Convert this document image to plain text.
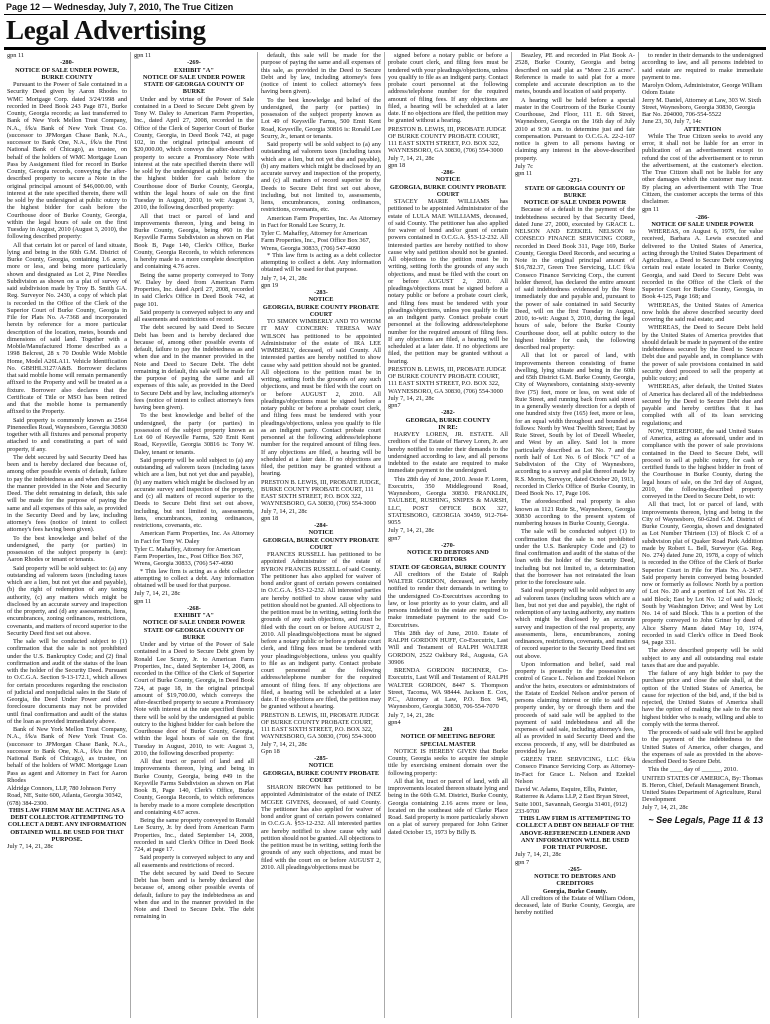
Page 12 — Wednesday, July 7, 2010, The True Citizen
Legal Advertising

gpn 11

-280-

NOTICE OF SALE UNDER POWER, BURKE COUNTY

Pursuant to the Power of Sale contained in a Security Deed given by Aaron Rhodes to WMC Mortgage Corp. dated 3/24/1998 and recorded in Deed Book 243 Page 871, Burke County, Georgia records; as last transferred to Bank of New York Mellon Trust Company, N.A., f/k/a Bank of New York Trust Co. (successor to JPMorgan Chase Bank, N.A., successor to Bank One, N.A., f/k/a the First National Bank of Chicago), as trustee, on behalf of the holders of WMC Mortgage Loan Pass by Assignment filed for record in Burke County, Georgia records, conveying the after-described property to secure a Note in the original principal amount of $46,000.00, with interest at the rate specified therein, there will be sold by the undersigned at public outcry to the highest bidder for cash before the Courthouse door of Burke County, Georgia, within the legal hours of sale on the first Tuesday in August, 2010 (August 3, 2010), the following described property:

All that certain lot or parcel of land situate, lying and being in the 60th G.M. District of Burke County, Georgia, containing 1.6 acres, more or less, and being more particularly shown and designated as Lot 2, Pine Needles Subdivision as shown on a plat of survey of said subdivision made by Troy B. Smith GA. Reg. Surveyor No. 2430, a copy of which plat is recorded in the Office of the Clerk of the Superior Court of Burke County, Georgia in File for Plats No. A-7368 and incorporated herein by reference for a more particular description of the location, metes, bounds and dimensions of said land. Together with a Mobile/Manufactured Home described as a 1998 Belcrest, 28 x 70 Double Wide Mobile Home, Model A26LA11. Vehicle Identification No. GBHHL3127/A&B. Borrower declares that said mobile home will remain permanently affixed to the Property and will be treated as a fixture. Borrower also declares that the Certificate of Title or MSO has been retired and that the mobile home is permanently affixed to the Property.

Said property is commonly known as 2564 Pineneedles Road, Waynesboro, Georgia 30830 together with all fixtures and personal property attached to and constituting a part of said property, if any.

The debt secured by said Security Deed has been and is hereby declared due because of, among other possible events of default, failure to pay the indebtedness as and when due and in the manner provided in the Note and Security Deed. The debt remaining in default, this sale will be made for the purpose of paying the same and all expenses of this sale, as provided in the Security Deed and by law, including attorney's fees (notice of intent to collect attorney's fees having been given).

To the best knowledge and belief of the undersigned, the party (or parties) in possession of the subject property is (are): Aaron Rhodes or tenant or tenants.

Said property will be sold subject to: (a) any outstanding ad valorem taxes (including taxes which are a lien, but not yet due and payable), (b) the right of redemption of any taxing authority, (c) any matters which might be disclosed by an accurate survey and inspection of the property, and (d) any assessments, liens, encumbrances, zoning ordinances, restrictions, covenants, and matters of record superior to the Security Deed first set out above.

The sale will be conducted subject to (1) confirmation that the sale is not prohibited under the U.S. Bankruptcy Code; and (2) final confirmation and audit of the status of the loan with the holder of the Security Deed. Pursuant to O.C.G.A. Section 9-13-172.1, which allows for certain procedures regarding the rescission of judicial and nonjudicial sales in the State of Georgia, the Deed Under Power and other foreclosure documents may not be provided until final confirmation and audit of the status of the loan as provided immediately above.

Bank of New York Mellon Trust Company, N.A., f/k/a Bank of New York Trust Co. (successor to JPMorgan Chase Bank, N.A., successor to Bank One, N.A., f/k/a the First National Bank of Chicago), as trustee, on behalf of the holders of WMC Mortgage Loan Pass as agent and Attorney in Fact for Aaron Rhodes

Aldridge Connors, LLP, 780 Johnson Ferry Road, NE, Suite 600, Atlanta, Georgia 30342, (678) 384-2300.

THIS LAW FIRM MAY BE ACTING AS A DEBT COLLECTOR ATTEMPTING TO COLLECT A DEBT. ANY INFORMATION OBTAINED WILL BE USED FOR THAT PURPOSE.

July 7, 14, 21, 28c

gpn 11

-269-

EXHIBIT "A"

NOTICE OF SALE UNDER POWER

STATE OF GEORGIA COUNTY OF BURKE

Under and by virtue of the Power of Sale contained in a Deed to Secure Debt given by Tony W. Daley to American Farm Properties, Inc., dated April 27, 2008, recorded in the Office of the Clerk of Superior Court of Burke County, Georgia, in Deed Book 742, at page 102, in the original principal amount of $20,000.00, which conveys the after-described property to secure a Promissory Note with interest at the rate specified therein there will be sold by the undersigned at public outcry to the highest bidder for cash before the Courthouse door of Burke County, Georgia, within the legal hours of sale on the first Tuesday in August, 2010, to wit: August 3, 2010, the following described property:

All that tract or parcel of land and improvements thereon, lying and being in Burke County, Georgia, being #60 in the Keysville Farms Subdivision as shown on Plat Book B, Page 140, Clerk's Office, Burke County, Georgia Records, to which references is hereby made to a more complete description and containing 4.76 acres.

Being the same property conveyed to Tony W. Daley by deed from American Farm Properties, Inc. dated April 27, 2008, recorded in said Clerk's Office in Deed Book 742, at page 101.

Said property is conveyed subject to any and all easements and restrictions of record.

The debt secured by said Deed to Secure Debt has been and is hereby declared due because of, among other possible events of default, failure to pay the indebtedness as and when due and in the manner provided in the Note and Deed to Secure Debt. The debt remaining in default, this sale will be made for the purpose of paying the same and all expenses of this sale, as provided in the Deed to Secure Debt and by law, including attorney's fees (notice of intent to collect attorney's fees having been given).

To the best knowledge and belief of the undersigned, the party (or parties) in possession of the subject property known as Lot 60 of Keysville Farms, 520 Emit Kent Road, Keysville, Georgia 30816 is: Tony W. Daley, tenant or tenants.

Said property will be sold subject to (a) any outstanding ad valorem taxes (including taxes which are a lien, but not yet due and payable), (b) any matters which might be disclosed by an accurate survey and inspection of the property, and (c) all matters of record superior to the Deeds to Secure Debt first set out above, including, but not limited to, assessments, liens, encumbrances, zoning ordinances, restrictions, covenants, etc.

American Farm Properties, Inc. As Attorney in Fact for Tony W. Daley

Tyler C. Mahaffey, Attorney for American Farm Properties, Inc., Post Office Box 367, Wrens, Georgia 30833, (706) 547-4090

* This law firm is acting as a debt collector attempting to collect a debt. Any information obtained will be used for that purpose.

July 7, 14, 21, 28c

gpn 11

-268-

EXHIBIT "A"

NOTICE OF SALE UNDER POWER

STATE OF GEORGIA COUNTY OF BURKE

Under and by virtue of the Power of Sale contained in a Deed to Secure Debt given by Ronald Lee Scurry, Jr. to American Farm Properties, Inc., dated September 14, 2008, as recorded in the Office of the Clerk of Superior Court of Burke County, Georgia, in Deed Book 724, at page 18, in the original principal amount of $19,700.00, which conveys the after-described property to secure a Promissory Note with interest at the rate specified therein there will be sold by the undersigned at public outcry to the highest bidder for cash before the Courthouse door of Burke County, Georgia, within the legal hours of sale on the first Tuesday in August, 2010, to wit: August 3, 2010, the following described property:

All that tract or parcel of land and all improvements thereon, lying and being in Burke County, Georgia, being #49 in the Keysville Farms Subdivision as shown on Plat Book B, Page 140, Clerk's Office, Burke County, Georgia Records, to which references is hereby made to a more complete description and containing 4.67 acres.

Being the same property conveyed to Ronald Lee Scurry, Jr. by deed from American Farm Properties, Inc., dated September 14, 2008, recorded in said Clerk's Office in Deed Book 724, at page 17.

Said property is conveyed subject to any and all easements and restrictions of record.

The debt secured by said Deed to Secure Debt has been and is hereby declared due because of, among other possible events of default, failure to pay the indebtedness as and when due and in the manner provided in the Note and Deed to Secure Debt. The debt remaining in

default, this sale will be made for the purpose of paying the same and all expenses of this sale, as provided in the Deed to Secure Debt and by law, including attorney's fees (notice of intent to collect attorney's fees having been given).

To the best knowledge and belief of the undersigned, the party (or parties) in possession of the subject property known as Lot 49 of Keysville Farms, 500 Emit Kent Road, Keysville, Georgia 30816 is: Ronald Lee Scurry, Jr., tenant or tenants.

Said property will be sold subject to (a) any outstanding ad valorem taxes (including taxes which are a lien, but not yet due and payable), (b) any matters which might be disclosed by an accurate survey and inspection of the property, and (c) all matters of record superior to the Deeds to Secure Debt first set out above, including, but not limited to, assessments, liens, encumbrances, zoning ordinances, restrictions, covenants, etc.

American Farm Properties, Inc. As Attorney in Fact for Ronald Lee Scurry, Jr.

Tyler C. Mahaffey, Attorney for American Farm Properties, Inc., Post Office Box 367, Wrens, Georgia 30833, (706) 547-4090

* This law firm is acting as a debt collector attempting to collect a debt. Any information obtained will be used for that purpose.

July 7, 14, 21, 28c

gpn 19

-283-

NOTICE

GEORGIA, BURKE COUNTY PROBATE COURT

TO SIMON WIMBERLY AND TO WHOM IT MAY CONCERN: TERESA WAY WILSON has petitioned to be appointed Administrator of the estate of IRA LEE WIMBERLY, deceased, of said County. All interested parties are hereby notified to show cause why said petition should not be granted. All objections to the petition must be in writing, setting forth the grounds of any such objections, and must be filed with the court on or before AUGUST 2, 2010. All pleadings/objections must be signed before a notary public or before a probate court clerk, and filing fees must be tendered with your pleadings/objections, unless you qualify to file as an indigent party. Contact probate court personnel at the following address/telephone number for the required amount of filing fees. If any objections are filed, a hearing will be scheduled at a later date. If no objections are filed, the petition may be granted without a hearing.

PRESTON B. LEWIS, III, PROBATE JUDGE, BURKE COUNTY PROBATE COURT, 111 EAST SIXTH STREET, P.O. BOX 322, WAYNESBORO, GA 30830, (706) 554-3000

July 7, 14, 21, 28c

gpn 18

-284-

NOTICE

GEORGIA, BURKE COUNTY PROBATE COURT

FRANCES RUSSELL has petitioned to be appointed Administrator of the estate of BYRON FRANCIS RUSSELL of said County. The petitioner has also applied for waiver of bond and/or grant of certain powers contained in O.C.G.A. §53-12-232. All interested parties are hereby notified to show cause why said petition should not be granted. All objections to the petition must be in writing, setting forth the grounds of any such objections, and must be filed with the court on or before AUGUST 2, 2010. All pleadings/objections must be signed before a notary public or before a probate court clerk, and filing fees must be tendered with your pleadings/objections, unless you qualify to file as an indigent party. Contact probate court personnel at the following address/telephone number for the required amount of filing fees. If any objections are filed, a hearing will be scheduled at a later date. If no objections are filed, the petition may be granted without a hearing.

PRESTON B. LEWIS, III, PROBATE JUDGE OF BURKE COUNTY PROBATE COURT, 111 EAST SIXTH STREET, P.O. BOX 322, WAYNESBORO, GA 30830, (706) 554-3000

July 7, 14, 21, 28c

Gpn 18

-285-

NOTICE

GEORGIA, BURKE COUNTY PROBATE COURT

SHARON BROWN has petitioned to be appointed Administrator of the estate of INEZ MCGEE GIVENS, deceased, of said County. The petitioner has also applied for waiver of bond and/or grant of certain powers contained in O.C.G.A. §53-12-232. All interested parties are hereby notified to show cause why said petition should not be granted. All objections to the petition must be in writing, setting forth the grounds of any such objections, and must be filed with the court on or before AUGUST 2, 2010. All pleadings/objections must be

signed before a notary public or before a probate court clerk, and filing fees must be tendered with your pleadings/objections, unless you qualify to file as an indigent party. Contact probate court personnel at the following address/telephone number for the required amount of filing fees. If any objections are filed, a hearing will be scheduled at a later date. If no objections are filed, the petition may be granted without a hearing.

PRESTON B. LEWIS, III, PROBATE JUDGE OF BURKE COUNTY PROBATE COURT, 111 EAST SIXTH STREET, P.O. BOX 322, WAYNESBORO, GA 30830, (706) 554-3000

July 7, 14, 21, 28c

gpn 18

-286-

NOTICE

GEORGIA, BURKE COUNTY PROBATE COURT

STACEY MARIE WILLIAMS has petitioned to be appointed Administrator of the estate of LULA MAE WILLIAMS, deceased, of said County. The petitioner has also applied for waiver of bond and/or grant of certain powers contained in O.C.G.A. §53-12-232. All interested parties are hereby notified to show cause why said petition should not be granted. All objections to the petition must be in writing, setting forth the grounds of any such objections, and must be filed with the court on or before AUGUST 2, 2010. All pleadings/objections must be signed before a notary public or before a probate court clerk, and filing fees must be tendered with your pleadings/objections, unless you qualify to file as an indigent party. Contact probate court personnel at the following address/telephone number for the required amount of filing fees. If any objections are filed, a hearing will be scheduled at a later date. If no objections are filed, the petition may be granted without a hearing.

PRESTON B. LEWIS, III, PROBATE JUDGE OF BURKE COUNTY PROBATE COURT, 111 EAST SIXTH STREET, P.O. BOX 322, WAYNESBORO, GA 30830, (706) 554-3000

July 7, 14, 21, 28c

gpn7

-282-

GEORGIA, BURKE COUNTY

IN RE:

HARVEY LOREN, JR. ESTATE. All creditors of the Estate of Harvey Loren, Jr. are hereby notified to render their demands to the undersigned according to law, and all persons indebted to the estate are required to make immediate payment to the undersigned.

This 28th day of June, 2010. Jessie F. Loren, Executrix, 350 Middleground Road, Waynesboro, Georgia 30830. FRANKLIN, TAULBEE, RUSHING, SNIPES & MARSH, LLC, POST OFFICE BOX 327, STATESBORO, GEORGIA 30459, 912-764-9055

July 7, 14, 21, 28c

gpn7

-270-

NOTICE TO DEBTORS AND CREDITORS

STATE OF GEORGIA, BURKE COUNTY

All creditors of the Estate of Ralph WALTER GORDON, deceased, are hereby notified to render their demands in writing to the undersigned Co-Executrixes according to law, or lose priority as to your claim, and all persons indebted to the estate are required to make immediate payment to the said Co-Executrixes.

This 28th day of June, 2010. Estate of RALPH GORDON HUFF, Co-Executrix, Last Will and Testament of RALPH WALTER GORDON, 2522 Oakbury Rd., Augusta, GA 30906

BRENDA GORDON RICHNER, Co-Executrix, Last Will and Testament of RALPH WALTER GORDON, 8447 S. Thompson Street, Tacoma, WA 98444. Jackson E. Cox, P.C., Attorney at Law, P.O. Box 945, Waynesboro, Georgia 30830, 706-554-7070

July 7, 14, 21, 28c

gpn4

281

NOTICE OF MEETING BEFORE SPECIAL MASTER

NOTICE IS HEREBY GIVEN that Burke County, Georgia seeks to acquire fee simple title by exercising eminent domain over the following property:

All that lot, tract or parcel of land, with all improvements located thereon situate lying and being in the 60th G.M. District, Burke County, Georgia containing 2.16 acres more or less, located on the southeast side of Clarke Place Road. Said property is more particularly shown on a plat of survey prepared for John Griner dated October 15, 1973 by Billy B.

Beazley, PE and recorded in Plat Book A-2528, Burke County, Georgia and being described on said plat as "More 2.16 acres". Reference is made to said plat for a more complete and accurate description as to the metes, bounds and location of said property.

A hearing will be held before a special master in the Courtroom of the Burke County Courthouse, 2nd Floor, 111 E. 6th Street, Waynesboro, Georgia on the 16th day of July 2010 at 9:30 a.m. to determine just and fair compensation. Pursuant to O.C.G.A. 22-2-107 notice is given to all persons having or claiming any interest in the above-described property.

July 7c

gpn 11

-271-

STATE OF GEORGIA COUNTY OF BURKE

NOTICE OF SALE UNDER POWER

Because of a default in the payment of the indebtedness secured by that Security Deed, dated June 27, 2000, executed by GRACE L. NELSON AND EZEKIEL NELSON to CONSECO FINANCE SERVICING CORP., recorded in Deed Book 311, Page 169, Burke County, Georgia Deed Records, and securing a Note in the original principal amount of $16,782.37, Green Tree Servicing, LLC f/k/a Conseco Finance Servicing Corp., the current holder thereof, has declared the entire amount of said indebtedness evidenced by the Note immediately due and payable and, pursuant to the power of sale contained in said Security Deed, will on the first Tuesday in August, 2010, to-wit: August 3, 2010, during the legal hours of sale, before the Burke County Courthouse door, sell at public outcry to the highest bidder for cash, the following described real property:

All that lot or parcel of land, with improvements thereon consisting of frame dwelling, lying situate and being in the 60th and 65th District G.M. Burke County, Georgia, City of Waynesboro, containing sixty-seventy five (75) feet, more or less, on west side of Ruie Street, and running back from said street in a generally westerly direction for a depth of one hundred sixty five (165) feet, more or less, for an equal width throughout and bounded as follows: North by West Twelfth Street; East by Ruie Street, South by lot of Dezell Wheeler, and West by an alley. Said lot is more particularly described as Lot No. 7 and the north half of Lot No. 6 of Block "C" of a Subdivision of the City of Waynesboro, according to a survey and plat thereof made by R.S. Morris, Surveyor, dated October 20, 1913, recorded in Clerk's Office of Burke County, in Deed Book No. 17, Page 106.

The aforedescribed real property is also known as 1121 Ruie St., Waynesboro, Georgia 30830 according to the present system of numbering houses in Burke County, Georgia.

The sale will be conducted subject (1) to confirmation that the sale is not prohibited under the U.S. Bankruptcy Code and (2) to final confirmation and audit of the status of the loan with the holder of the Security Deed, including but not limited to, a determination that the borrower has not reinstated the loan prior to the foreclosure sale.

Said real property will be sold subject to any ad valorem taxes (including taxes which are a lien, but not yet due and payable), the right of redemption of any taxing authority, any matters which might be disclosed by an accurate survey and inspection of the real property, any assessments, liens, encumbrances, zoning ordinances, restrictions, covenants, and matters of record superior to the Security Deed first set out above.

Upon information and belief, said real property is presently in the possession or control of Grace L. Nelson and Ezekiel Nelson and/or the heirs, executors or administrators of the Estate of Ezekiel Nelson and/or person of persons claiming interest or title to said real property under, by or through them and the proceeds of said sale will be applied to the payment of said indebtedness and all the expenses of said sale, including attorney's fees, all as provided in said Security Deed and the excess proceeds, if any, will be distributed as provided by law.

GREEN TREE SERVICING, LLC f/k/a Conseco Finance Servicing Corp. as Attorney-in-Fact for Grace L. Nelson and Ezekiel Nelson

David W. Adams, Esquire, Ellis, Painter, Ratterree & Adams LLP, 2 East Bryan Street, Suite 1001, Savannah, Georgia 31401, (912) 233-9700

THIS LAW FIRM IS ATTEMPTING TO COLLECT A DEBT ON BEHALF OF THE ABOVE-REFERENCED LENDER AND ANY INFORMATION WILL BE USED FOR THAT PURPOSE.

July 7, 14, 21, 28c

gpn 7

-265-

NOTICE TO DEBTORS AND CREDITORS

Georgia, Burke County.

All creditors of the Estate of William Odom, deceased, late of Burke County, Georgia, are hereby notified

to render in their demands to the undersigned according to law, and all persons indebted to said estate are required to make immediate payment to me.

Marolyn Odom, Administrator, George William Odom Estate

Jerry M. Daniel, Attorney at Law, 303 W. Sixth Street, Waynesboro, Georgia 30830, Georgia Bar No. 204000, 706-554-5522

June 23, 30, July 7, 14c

ATTENTION

While The True Citizen seeks to avoid any error, it shall not be liable for an error in publication of an advertisement except to refund the cost of the advertisement or to rerun the advertisement, at the customer's election. The True Citizen shall not be liable for any other damages which the customer may incur. By placing an advertisement with The True Citizen, the customer accepts the terms of this disclaimer.

gpn 11

-286-

NOTICE OF SALE UNDER POWER

WHEREAS, on August 6, 1979, for value received, Barbara A. Lewis executed and delivered to the United States of America, acting through the United States Department of Agriculture, a Deed to Secure Debt conveying certain real estate located in Burke County, Georgia, and said Deed to Secure Debt was recorded in the Office of the Clerk of the Superior Court for Burke County, Georgia, in Book 4-125, Page 168; and

WHEREAS, the United States of America now holds the above described security deed covering the said real estate; and

WHEREAS, the Deed to Secure Debt held by the United States of America provides that should default be made in payment of the entire indebtedness secured by the Deed to Secure Debt due and payable and, in compliance with the power of sale provisions contained in said security deed proceed to sell the property at public outcry; and

WHEREAS, after default, the United States of America has declared all of the indebtedness secured by the Deed to Secure Debt due and payable and hereby certifies that it has complied with all of its loan servicing regulations; and

NOW, THEREFORE, the said United States of America, acting as aforesaid, under and in compliance with the power of sale provisions contained in the Deed to Secure Debt, will proceed to sell at public outcry, for cash or certified funds to the highest bidder in front of the Courthouse in Burke County, during the legal hours of sale, on the 3rd day of August, 2010, the following-described property conveyed in the Deed to Secure Debt, to wit:

All that tract, lot or parcel of land, with improvements thereon, lying and being in the City of Waynesboro, 60-62nd G.M. District of Burke County, Georgia, shown and designated as Lot Number Thirteen (13) of Block C of a subdivision plat of Quaker Road Park Addition made by Robert L. Bell, Surveyor (Ga. Reg. No. 274) dated June 20, 1978, a copy of which is recorded in the Office of the Clerk of Burke Superior Court in File for Plats No. A-3457. Said property herein conveyed being bounded now or formerly as follows: North by a portion of Lot No. 20 and a portion of Lot No. 21 of said Block; East by Lot No. 12 of said Block; South by Washington Drive; and West by Lot No. 14 of said Block. This is a portion of the property conveyed to John Griner by deed of Alice Sherry Mann dated May 10, 1974, recorded in said Clerk's office in Deed Book 94, page 331.

The above described property will be sold subject to any and all outstanding real estate taxes that are due and payable.

The failure of any high bidder to pay the purchase price and close the sale shall, at the option of the United States of America, be cause for rejection of the bid, and, if the bid is rejected, the United States of America shall have the option of making the sale to the next highest bidder who is ready, willing and able to comply with the terms thereof.

The proceeds of said sale will first be applied to the payment of the indebtedness to the United States of America, other charges, and the expenses of sale as provided in the above-described Deed to Secure Debt.

This the ____ day of ______, 2010.

UNITED STATES OF AMERICA, By: Thomas B. Heron, Chief, Default Management Branch, United States Department of Agriculture, Rural Development

July 7, 14, 21, 28c

~ See Legals, Page 11 & 13
